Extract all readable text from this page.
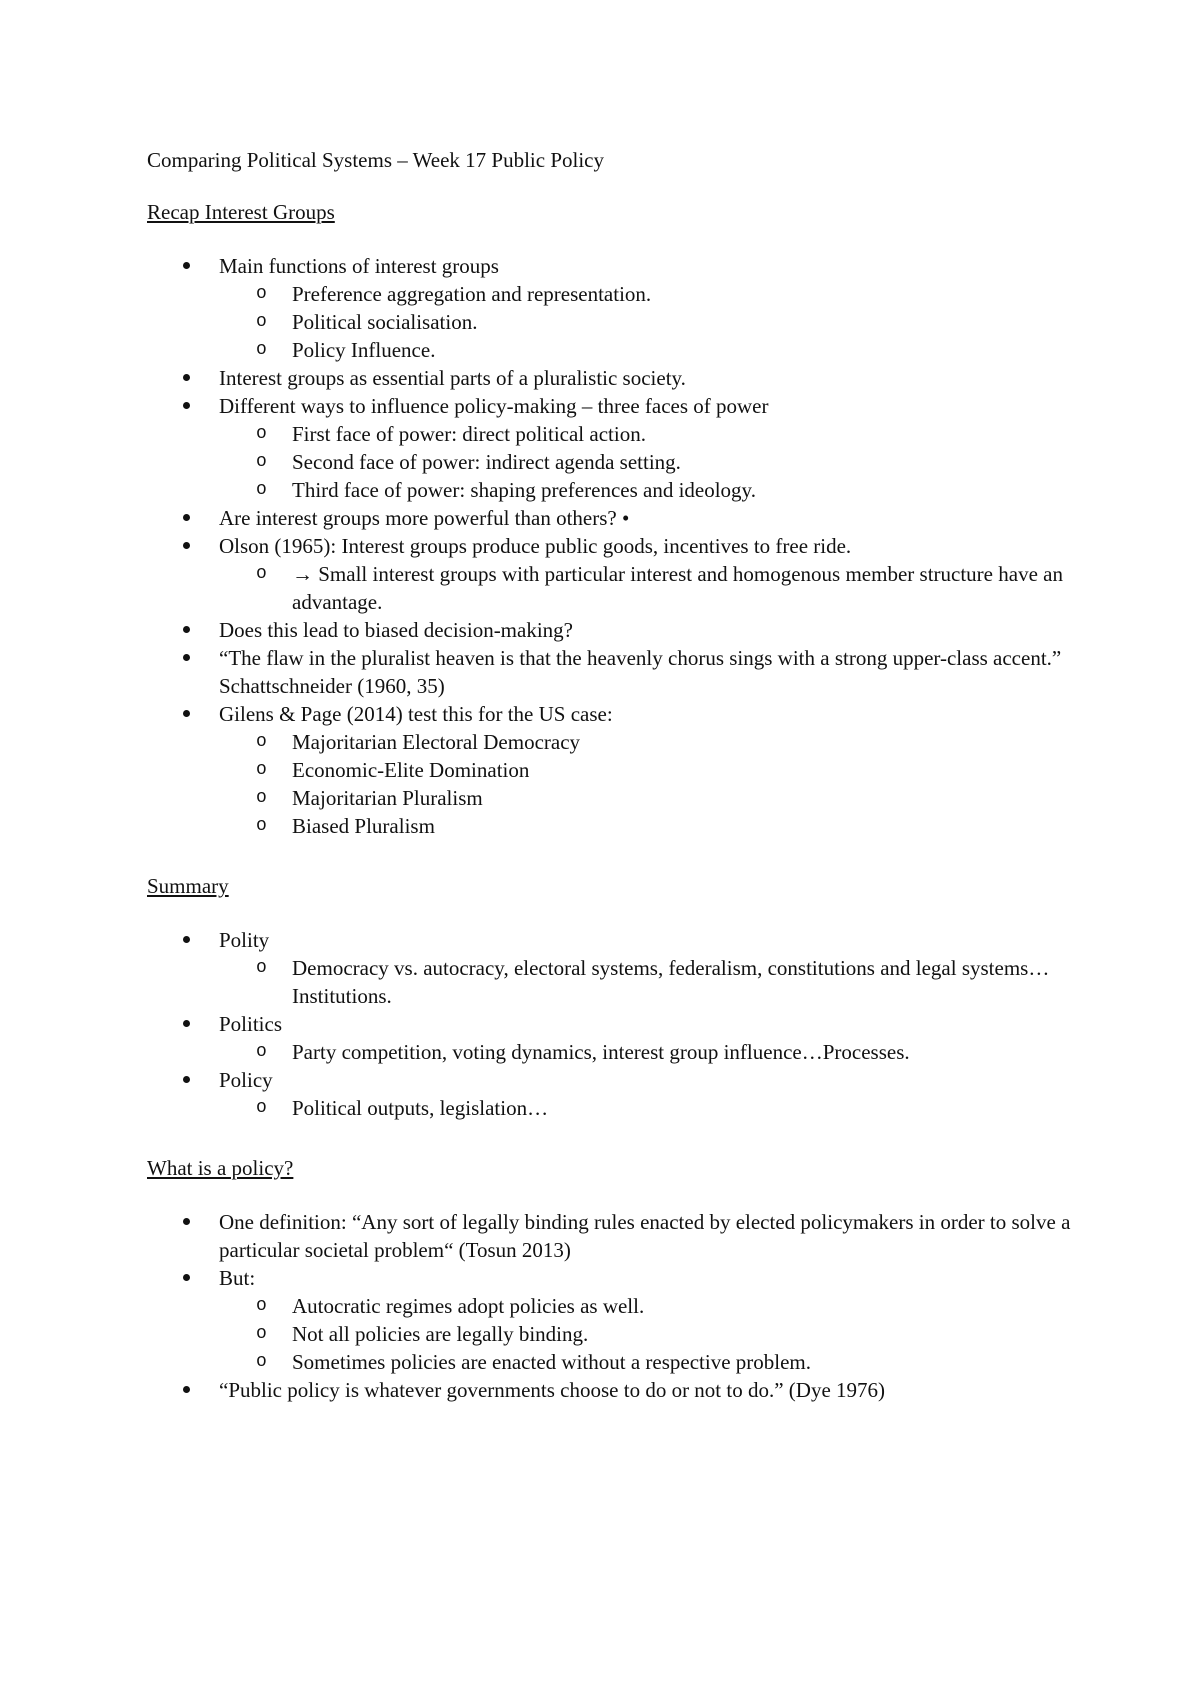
Comparing Political Systems – Week 17 Public Policy
Recap Interest Groups
Main functions of interest groups
o Preference aggregation and representation.
o Political socialisation.
o Policy Influence.
Interest groups as essential parts of a pluralistic society.
Different ways to influence policy-making – three faces of power
o First face of power: direct political action.
o Second face of power: indirect agenda setting.
o Third face of power: shaping preferences and ideology.
Are interest groups more powerful than others? •
Olson (1965): Interest groups produce public goods, incentives to free ride.
o → Small interest groups with particular interest and homogenous member structure have an advantage.
Does this lead to biased decision-making?
“The flaw in the pluralist heaven is that the heavenly chorus sings with a strong upper-class accent.” Schattschneider (1960, 35)
Gilens & Page (2014) test this for the US case:
o Majoritarian Electoral Democracy
o Economic-Elite Domination
o Majoritarian Pluralism
o Biased Pluralism
Summary
Polity
o Democracy vs. autocracy, electoral systems, federalism, constitutions and legal systems…Institutions.
Politics
o Party competition, voting dynamics, interest group influence…Processes.
Policy
o Political outputs, legislation…
What is a policy?
One definition: “Any sort of legally binding rules enacted by elected policymakers in order to solve a particular societal problem“ (Tosun 2013)
But:
o Autocratic regimes adopt policies as well.
o Not all policies are legally binding.
o Sometimes policies are enacted without a respective problem.
“Public policy is whatever governments choose to do or not to do.” (Dye 1976)
